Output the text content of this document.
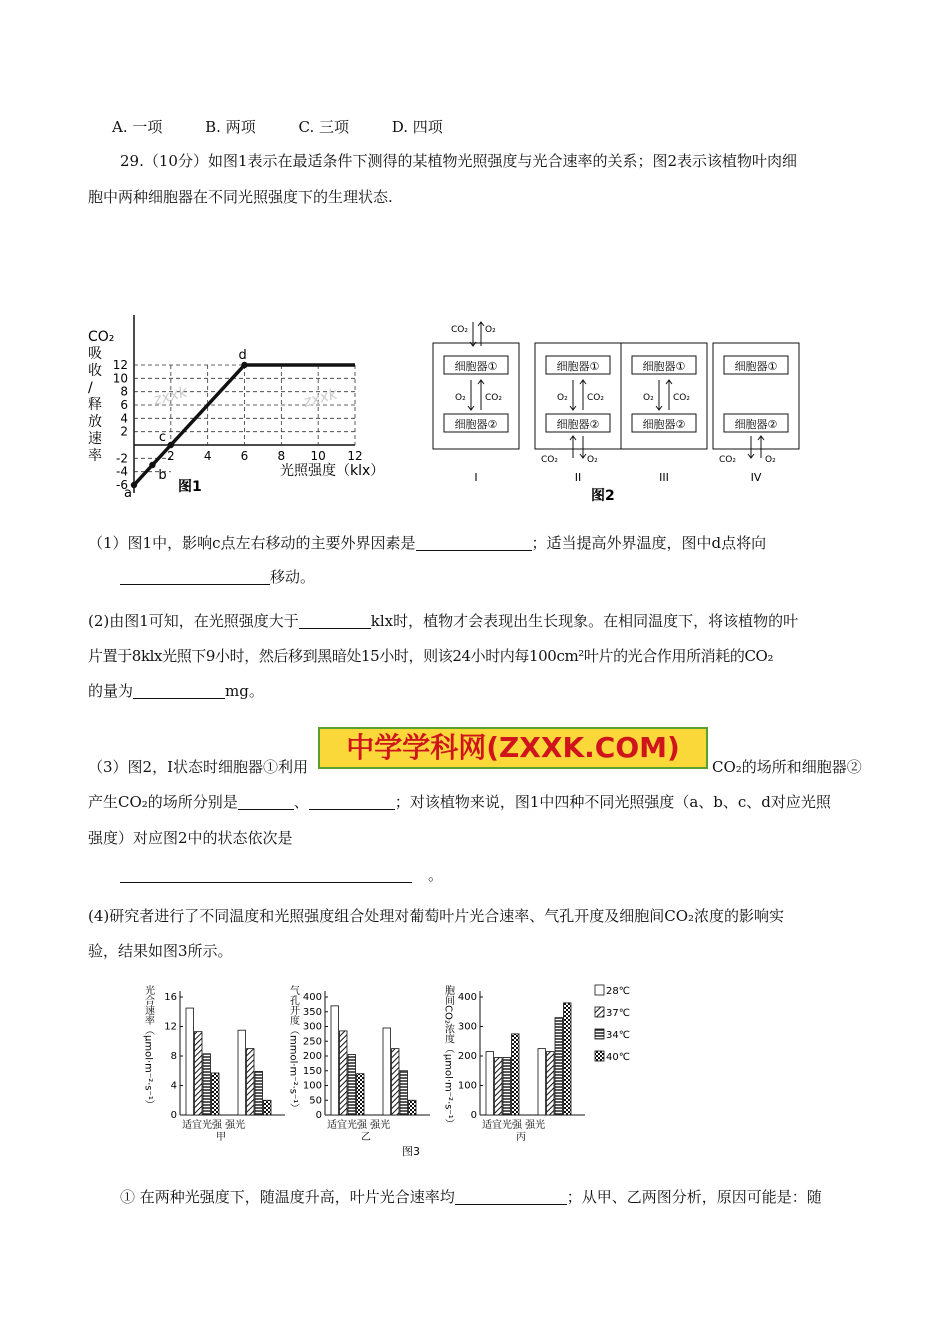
A. 一项	B. 两项	C. 三项	D. 四项
29.（10分）如图1表示在最适条件下测得的某植物光照强度与光合速率的关系；图2表示该植物叶肉细
胞中两种细胞器在不同光照强度下的生理状态.
CO₂
吸
收
/
释
放
速
率
12
10
8
6
4
2
-2
-4
-6
2 4 6 8 10 12
a
b
c
d
光照强度（klx）
图1
zxxk	zxxk
细胞器①
细胞器②
O₂ CO₂
I
细胞器①
细胞器②
O₂ CO₂
II
细胞器①
细胞器②
O₂ CO₂
III
细胞器①
细胞器②
IV
CO₂ O₂
CO₂	O₂	CO₂	O₂
图2
（1）图1中，影响c点左右移动的主要外界因素是	；适当提高外界温度，图中d点将向
移动。
(2)由图1可知，在光照强度大于	klx时，植物才会表现出生长现象。在相同温度下，将该植物的叶
片置于8klx光照下9小时，然后移到黑暗处15小时，则该24小时内每100cm²叶片的光合作用所消耗的CO₂
的量为	mg。
（3）图2，I状态时细胞器①利用
中学学科网(ZXXK.COM)
CO₂的场所和细胞器②
产生CO₂的场所分别是	、	；对该植物来说，图1中四种不同光照强度（a、b、c、d对应光照
强度）对应图2中的状态依次是
。
(4)研究者进行了不同温度和光照强度组合处理对葡萄叶片光合速率、气孔开度及细胞间CO₂浓度的影响实
验，结果如图3所示。
0
4
8
12
16
光合速率（μmol·m⁻²·s⁻¹）
适宜光强 强光
甲
0
50
100
150
200
250
300
350
400
气孔开度（mmol·m⁻²·s⁻¹）
适宜光强 强光
乙
0
100
200
300
400
胞间CO₂浓度（μmol·m⁻²·s⁻¹）	适宜光强 强光
丙
28℃
37℃
34℃
40℃
图3
① 在两种光强度下，随温度升高，叶片光合速率均	；从甲、乙两图分析，原因可能是：随
